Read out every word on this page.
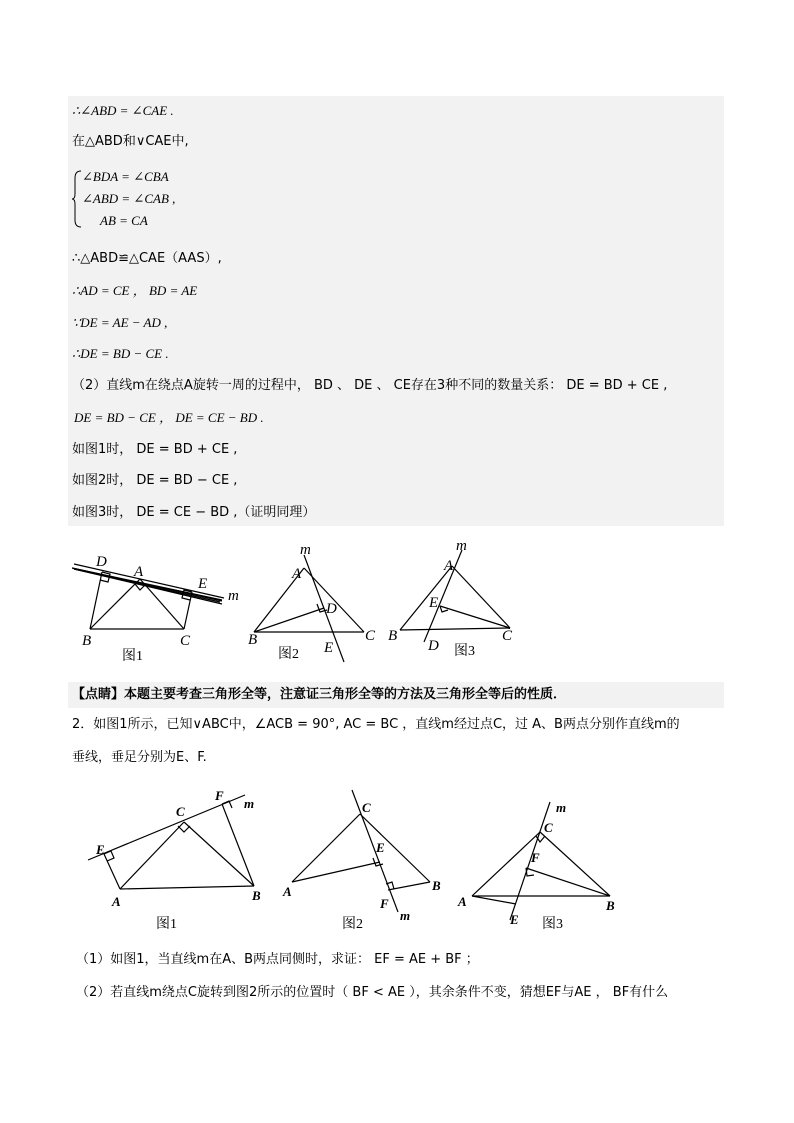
∴∠ABD = ∠CAE .
在△ABD和∨CAE中,
∠BDA = ∠CBA
∠ABD = ∠CAB ,
AB = CA
∴△ABD≌△CAE（AAS）,
∴AD = CE ， BD = AE
∵DE = AE − AD ,
∴DE = BD − CE .
（2）直线m在绕点A旋转一周的过程中， BD 、 DE 、 CE存在3种不同的数量关系： DE = BD + CE ,
DE = BD − CE ， DE = CE − BD .
如图1时， DE = BD + CE ,
如图2时， DE = BD − CE ,
如图3时， DE = CE − BD ,（证明同理）
D
A
E
m
B	C
m
A
D
B	C
E
m
A
E
B
D
C
图1	图2	图3
【点睛】本题主要考查三角形全等，注意证三角形全等的方法及三角形全等后的性质．
2．如图1所示，已知∨ABC中，∠ACB = 90°, AC = BC ，直线m经过点C，过 A、B两点分别作直线m的
垂线，垂足分别为E、F.
F
m
C
E
A	B
C
E
A	B
F
m
m
C
F
A
E
B
图1	图2	图3
（1）如图1，当直线m在A、B两点同侧时，求证： EF = AE + BF ；
（2）若直线m绕点C旋转到图2所示的位置时（ BF < AE ），其余条件不变，猜想EF与AE ， BF有什么
